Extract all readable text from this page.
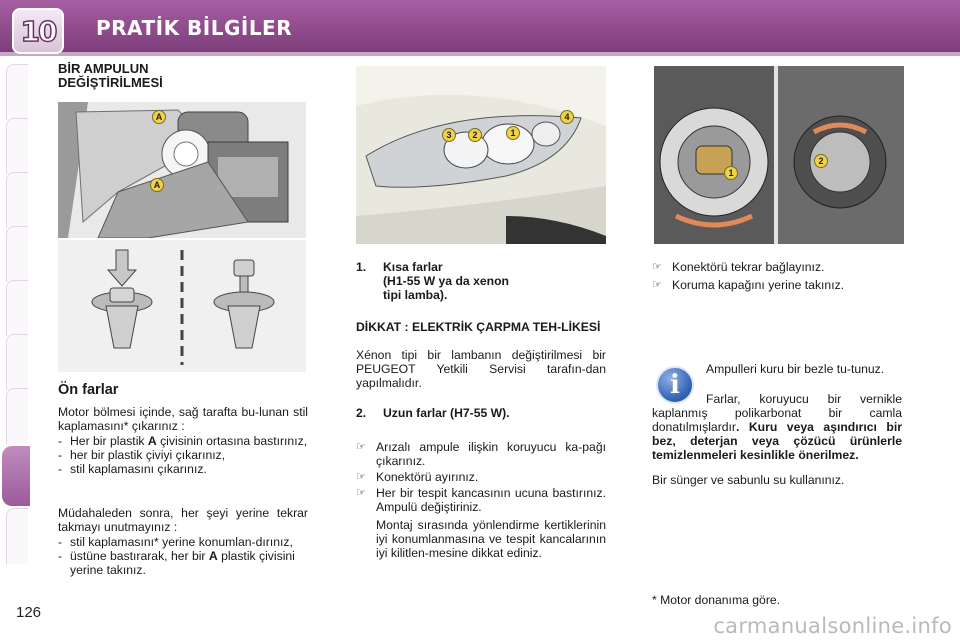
10 PRATİK BİLGİLER
BİR AMPULUN
DEĞİŞTİRİLMESİ
A
A
Ön farlar
Motor bölmesi içinde, sağ tarafta bu-lunan stil kaplamasını* çıkarınız :
- Her bir plastik A çivisinin ortasına bastırınız,
- her bir plastik çiviyi çıkarınız,
- stil kaplamasını çıkarınız.
Müdahaleden sonra, her şeyi yerine tekrar takmayı unutmayınız :
- stil kaplamasını* yerine konumlan-dırınız,
- üstüne bastırarak, her bir A plastik çivisini yerine takınız.
3	2	1
4
1
2
1. Kısa farlar
(H1-55 W ya da xenon
tipi lamba).
DİKKAT : ELEKTRİK ÇARPMA TEH-LİKESİ
Xénon tipi bir lambanın değiştirilmesi bir PEUGEOT Yetkili Servisi tarafın-dan yapılmalıdır.
2. Uzun farlar (H7-55 W).
☞ Arızalı ampule ilişkin koruyucu ka-pağı çıkarınız.
☞ Konektörü ayırınız.
☞ Her bir tespit kancasının ucuna bastırınız. Ampulü değiştiriniz.
Montaj sırasında yönlendirme kertiklerinin iyi konumlanmasına ve tespit kancalarının iyi kilitlen-mesine dikkat ediniz.
☞ Konektörü tekrar bağlayınız.
☞ Koruma kapağını yerine takınız.
i
Ampulleri kuru bir bezle tu-tunuz.
Farlar, koruyucu bir vernikle kaplanmış polikarbonat bir camla donatılmışlardır. Kuru veya aşındırıcı bir bez, deterjan veya çözücü ürünlerle temizlenmeleri kesinlikle önerilmez.
Bir sünger ve sabunlu su kullanınız.
* Motor donanıma göre.
126
carmanualsonline.info
